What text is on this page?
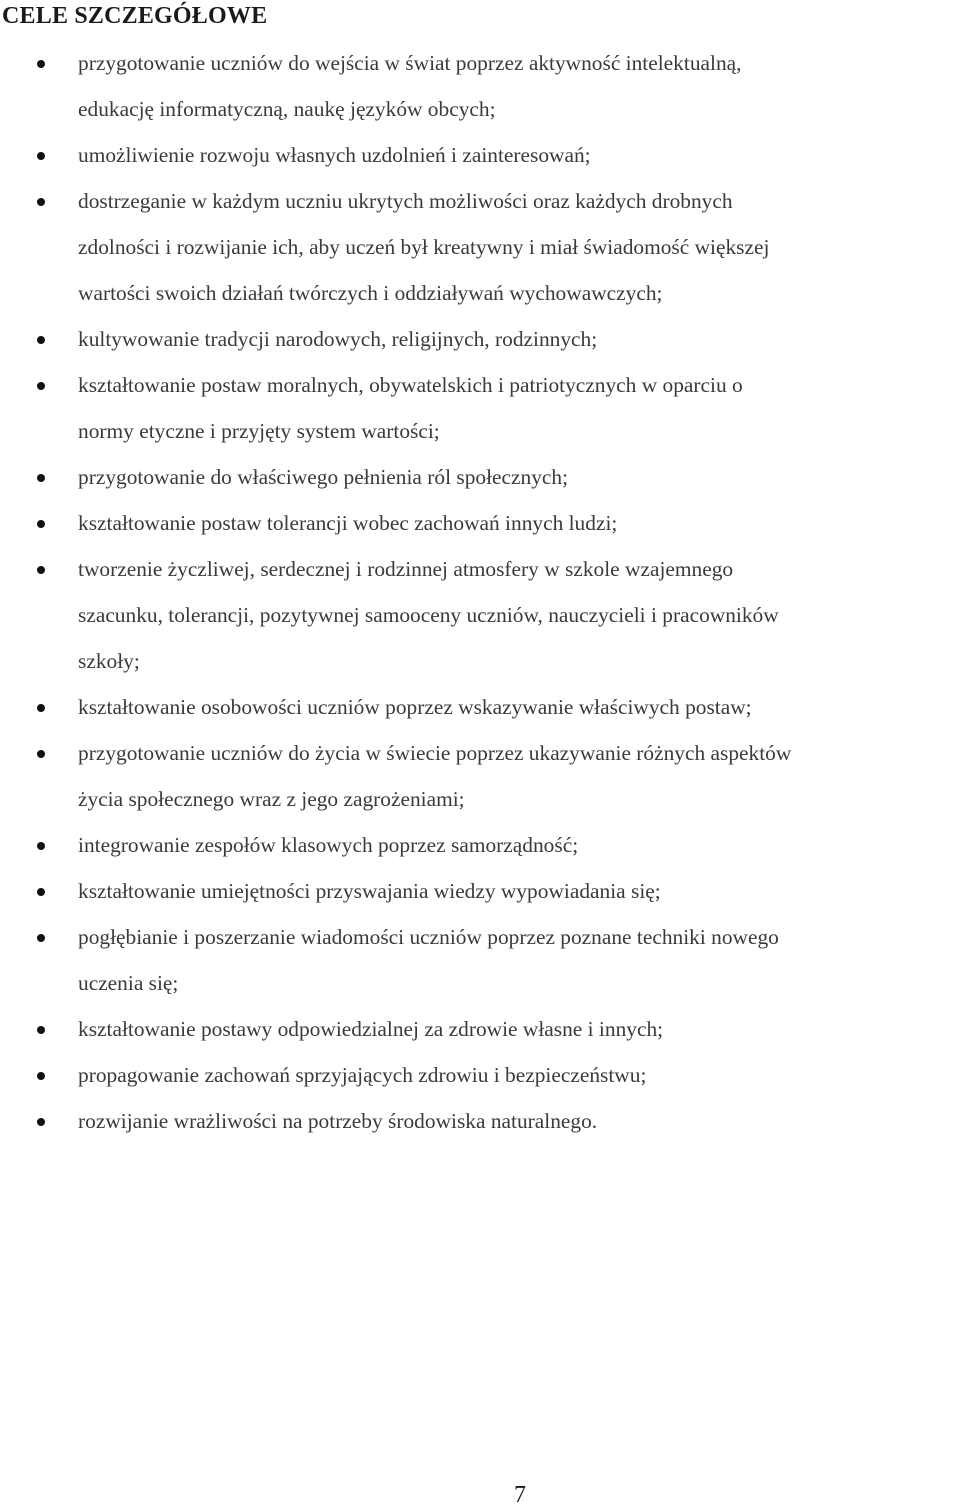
CELE SZCZEGÓŁOWE
przygotowanie uczniów do wejścia w świat poprzez aktywność intelektualną,
edukację informatyczną, naukę języków obcych;
umożliwienie rozwoju własnych uzdolnień i zainteresowań;
dostrzeganie w każdym uczniu ukrytych możliwości oraz każdych drobnych
zdolności i rozwijanie ich, aby uczeń był kreatywny i miał świadomość większej
wartości swoich działań twórczych i oddziaływań wychowawczych;
kultywowanie tradycji narodowych, religijnych, rodzinnych;
kształtowanie postaw moralnych, obywatelskich i patriotycznych w oparciu o
normy etyczne i przyjęty system wartości;
przygotowanie do właściwego pełnienia ról społecznych;
kształtowanie postaw tolerancji wobec zachowań innych ludzi;
tworzenie życzliwej, serdecznej i rodzinnej atmosfery w szkole wzajemnego
szacunku, tolerancji, pozytywnej samooceny uczniów, nauczycieli i pracowników
szkoły;
kształtowanie osobowości uczniów poprzez wskazywanie właściwych postaw;
przygotowanie uczniów do życia w świecie poprzez ukazywanie różnych aspektów
życia społecznego wraz z jego zagrożeniami;
integrowanie zespołów klasowych poprzez samorządność;
kształtowanie umiejętności przyswajania wiedzy wypowiadania się;
pogłębianie i poszerzanie wiadomości uczniów poprzez poznane techniki nowego
uczenia się;
kształtowanie postawy odpowiedzialnej za zdrowie własne i innych;
propagowanie zachowań sprzyjających zdrowiu i bezpieczeństwu;
rozwijanie wrażliwości na potrzeby środowiska naturalnego.
7
